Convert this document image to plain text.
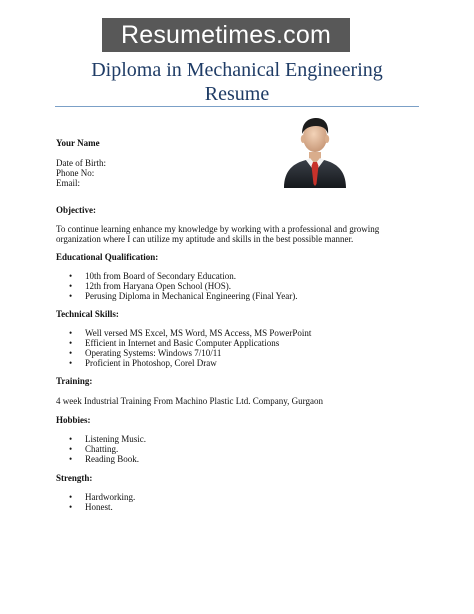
Resumetimes.com
Diploma in Mechanical Engineering
Resume

Your Name

Date of Birth:
Phone No:
Email:

Objective:

To continue learning enhance my knowledge by working with a professional and growing organization where I can utilize my aptitude and skills in the best possible manner.

Educational Qualification:

• 10th from Board of Secondary Education.
• 12th from Haryana Open School (HOS).
• Perusing Diploma in Mechanical Engineering (Final Year).

Technical Skills:

• Well versed MS Excel, MS Word, MS Access, MS PowerPoint
• Efficient in Internet and Basic Computer Applications
• Operating Systems: Windows 7/10/11
• Proficient in Photoshop, Corel Draw

Training:

4 week Industrial Training From Machino Plastic Ltd. Company, Gurgaon

Hobbies:

• Listening Music.
• Chatting.
• Reading Book.

Strength:

• Hardworking.
• Honest.
